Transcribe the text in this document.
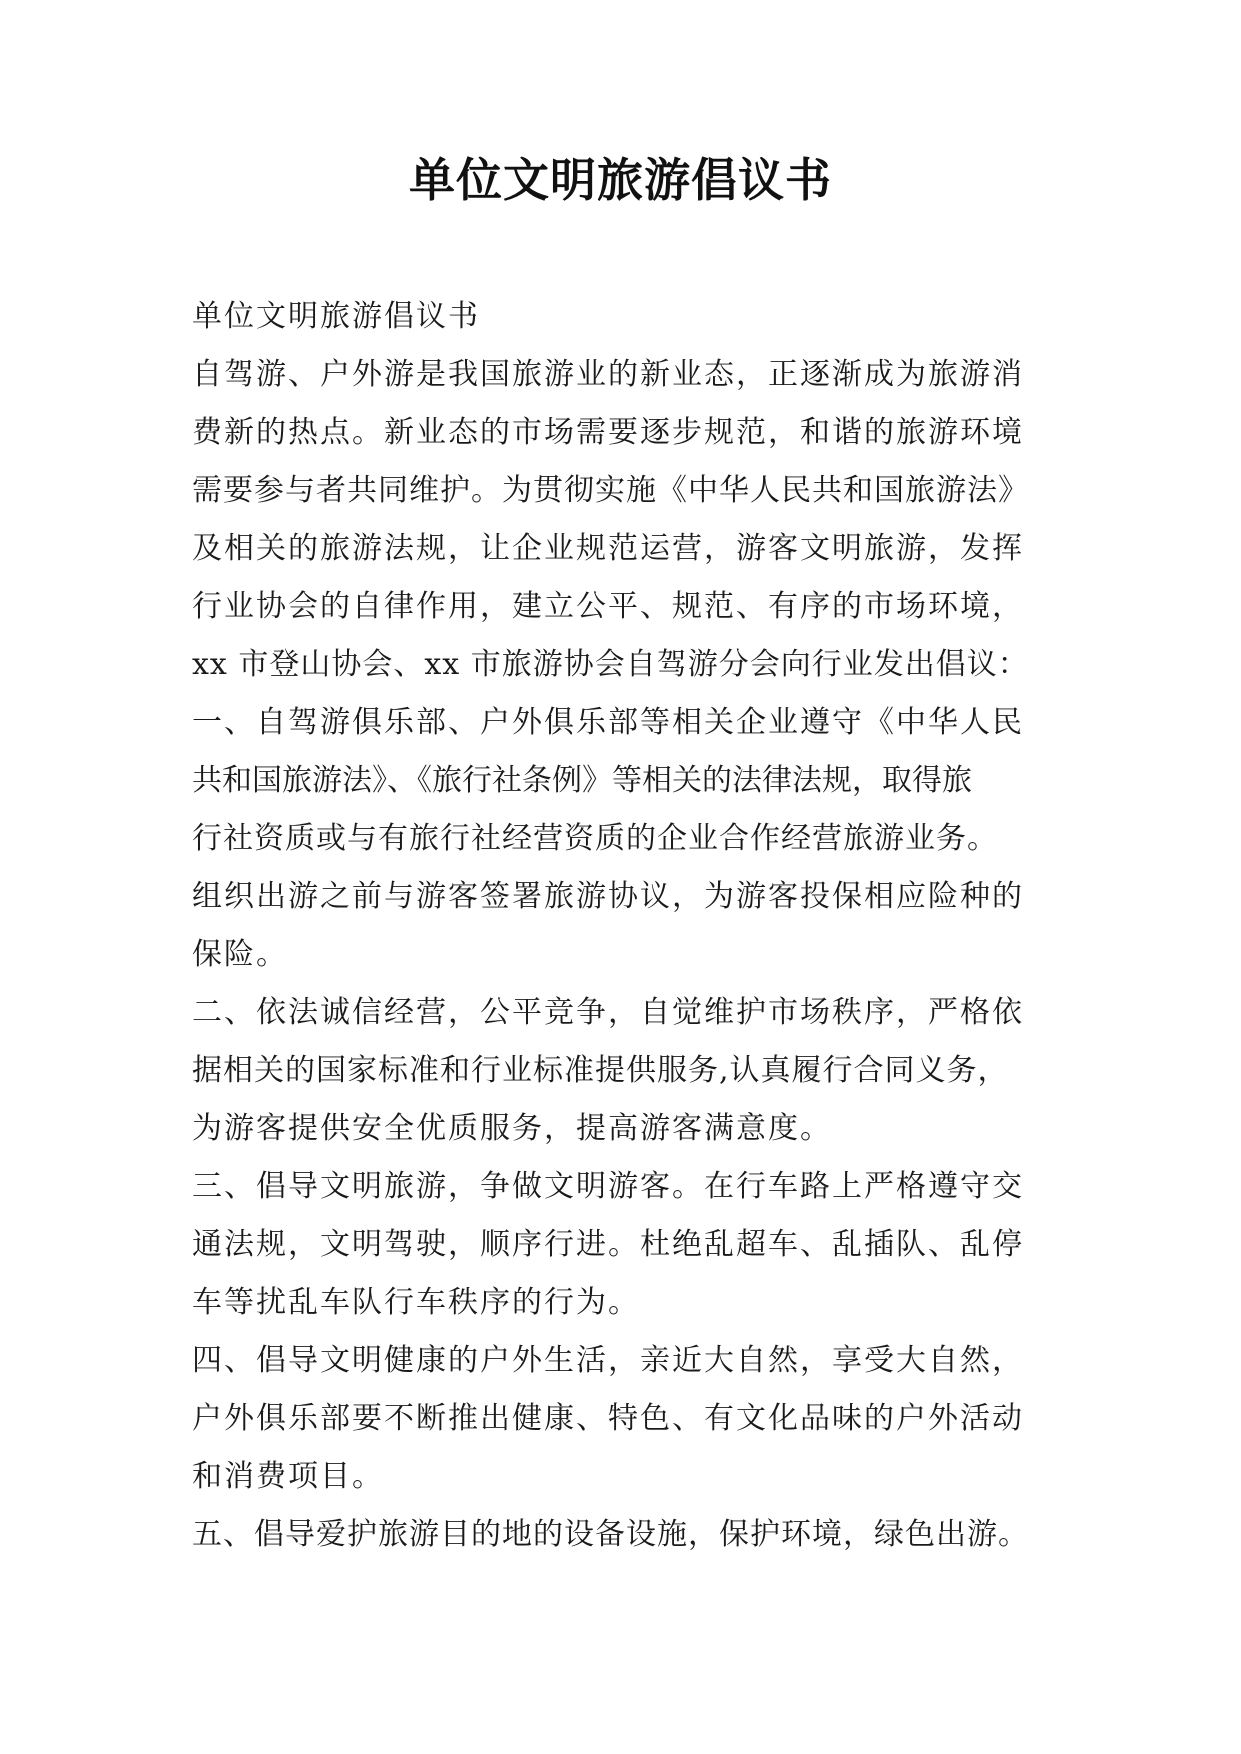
单位文明旅游倡议书
单位文明旅游倡议书
自驾游、户外游是我国旅游业的新业态，正逐渐成为旅游消
费新的热点。新业态的市场需要逐步规范，和谐的旅游环境
需要参与者共同维护。为贯彻实施《中华人民共和国旅游法》
及相关的旅游法规，让企业规范运营，游客文明旅游，发挥
行业协会的自律作用，建立公平、规范、有序的市场环境，
xx 市登山协会、xx 市旅游协会自驾游分会向行业发出倡议：
一、自驾游俱乐部、户外俱乐部等相关企业遵守《中华人民
共和国旅游法》、《旅行社条例》等相关的法律法规，取得旅
行社资质或与有旅行社经营资质的企业合作经营旅游业务。
组织出游之前与游客签署旅游协议，为游客投保相应险种的
保险。
二、依法诚信经营，公平竞争，自觉维护市场秩序，严格依
据相关的国家标准和行业标准提供服务,认真履行合同义务，
为游客提供安全优质服务，提高游客满意度。
三、倡导文明旅游，争做文明游客。在行车路上严格遵守交
通法规，文明驾驶，顺序行进。杜绝乱超车、乱插队、乱停
车等扰乱车队行车秩序的行为。
四、倡导文明健康的户外生活，亲近大自然，享受大自然，
户外俱乐部要不断推出健康、特色、有文化品味的户外活动
和消费项目。
五、倡导爱护旅游目的地的设备设施，保护环境，绿色出游。
